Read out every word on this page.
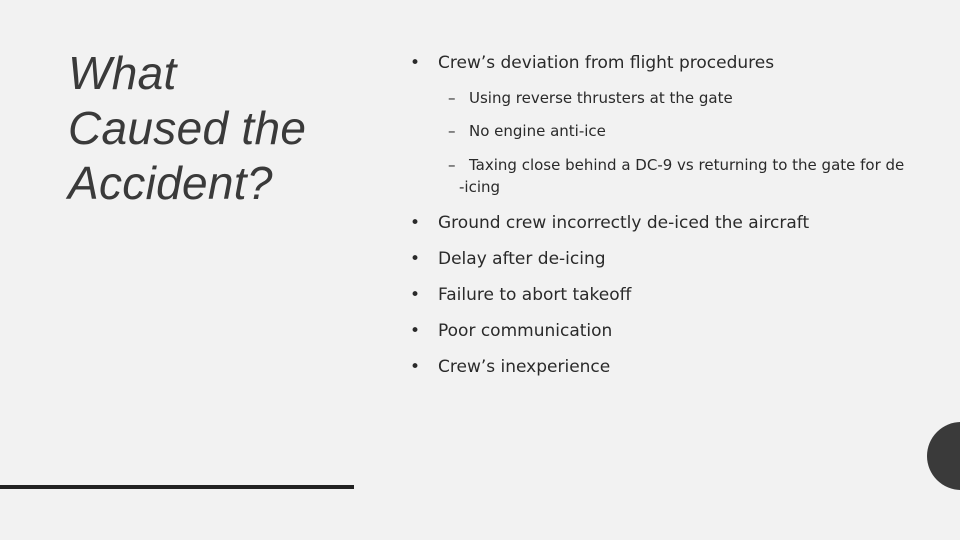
What
Caused the
Accident?
•	Crew’s deviation from flight procedures
– Using reverse thrusters at the gate
– No engine anti-ice
– Taxing close behind a DC-9 vs returning to the gate for de
-icing
•	Ground crew incorrectly de-iced the aircraft
•	Delay after de-icing
•	Failure to abort takeoff
•	Poor communication
•	Crew’s inexperience
